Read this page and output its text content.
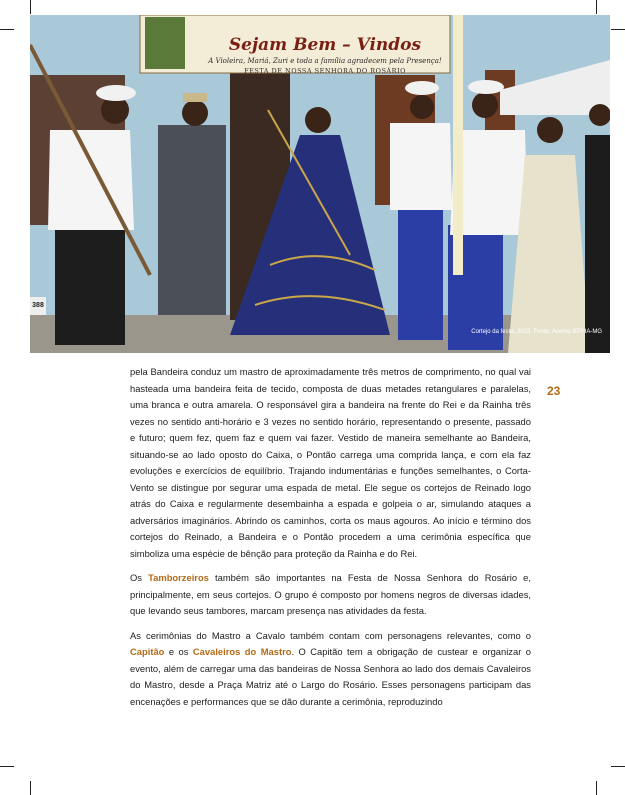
Sejam Bem – Vindos
A Violeira, Mariá, Zuri e toda a família agradecem pela Presença!
FESTA DE NOSSA SENHORA DO ROSÁRIO
388
Cortejo da festa, 2023. Fonte: Acervo IEPHA-MG
23

pela Bandeira conduz um mastro de aproximadamente três metros de comprimento, no qual vai hasteada uma bandeira feita de tecido, composta de duas metades retangulares e paralelas, uma branca e outra amarela. O responsável gira a bandeira na frente do Rei e da Rainha três vezes no sentido anti-horário e 3 vezes no sentido horário, representando o presente, passado e futuro; quem fez, quem faz e quem vai fazer. Vestido de maneira semelhante ao Bandeira, situando-se ao lado oposto do Caixa, o Pontão carrega uma comprida lança, e com ela faz evoluções e exercícios de equilíbrio. Trajando indumentárias e funções semelhantes, o Corta-Vento se distingue por segurar uma espada de metal. Ele segue os cortejos de Reinado logo atrás do Caixa e regularmente desembainha a espada e golpeia o ar, simulando ataques a adversários imaginários. Abrindo os caminhos, corta os maus agouros. Ao início e término dos cortejos do Reinado, a Bandeira e o Pontão procedem a uma cerimônia específica que simboliza uma espécie de bênção para proteção da Rainha e do Rei.

Os Tamborzeiros também são importantes na Festa de Nossa Senhora do Rosário e, principalmente, em seus cortejos. O grupo é composto por homens negros de diversas idades, que levando seus tambores, marcam presença nas atividades da festa.

As cerimônias do Mastro a Cavalo também contam com personagens relevantes, como o Capitão e os Cavaleiros do Mastro. O Capitão tem a obrigação de custear e organizar o evento, além de carregar uma das bandeiras de Nossa Senhora ao lado dos demais Cavaleiros do Mastro, desde a Praça Matriz até o Largo do Rosário. Esses personagens participam das encenações e performances que se dão durante a cerimônia, reproduzindo
